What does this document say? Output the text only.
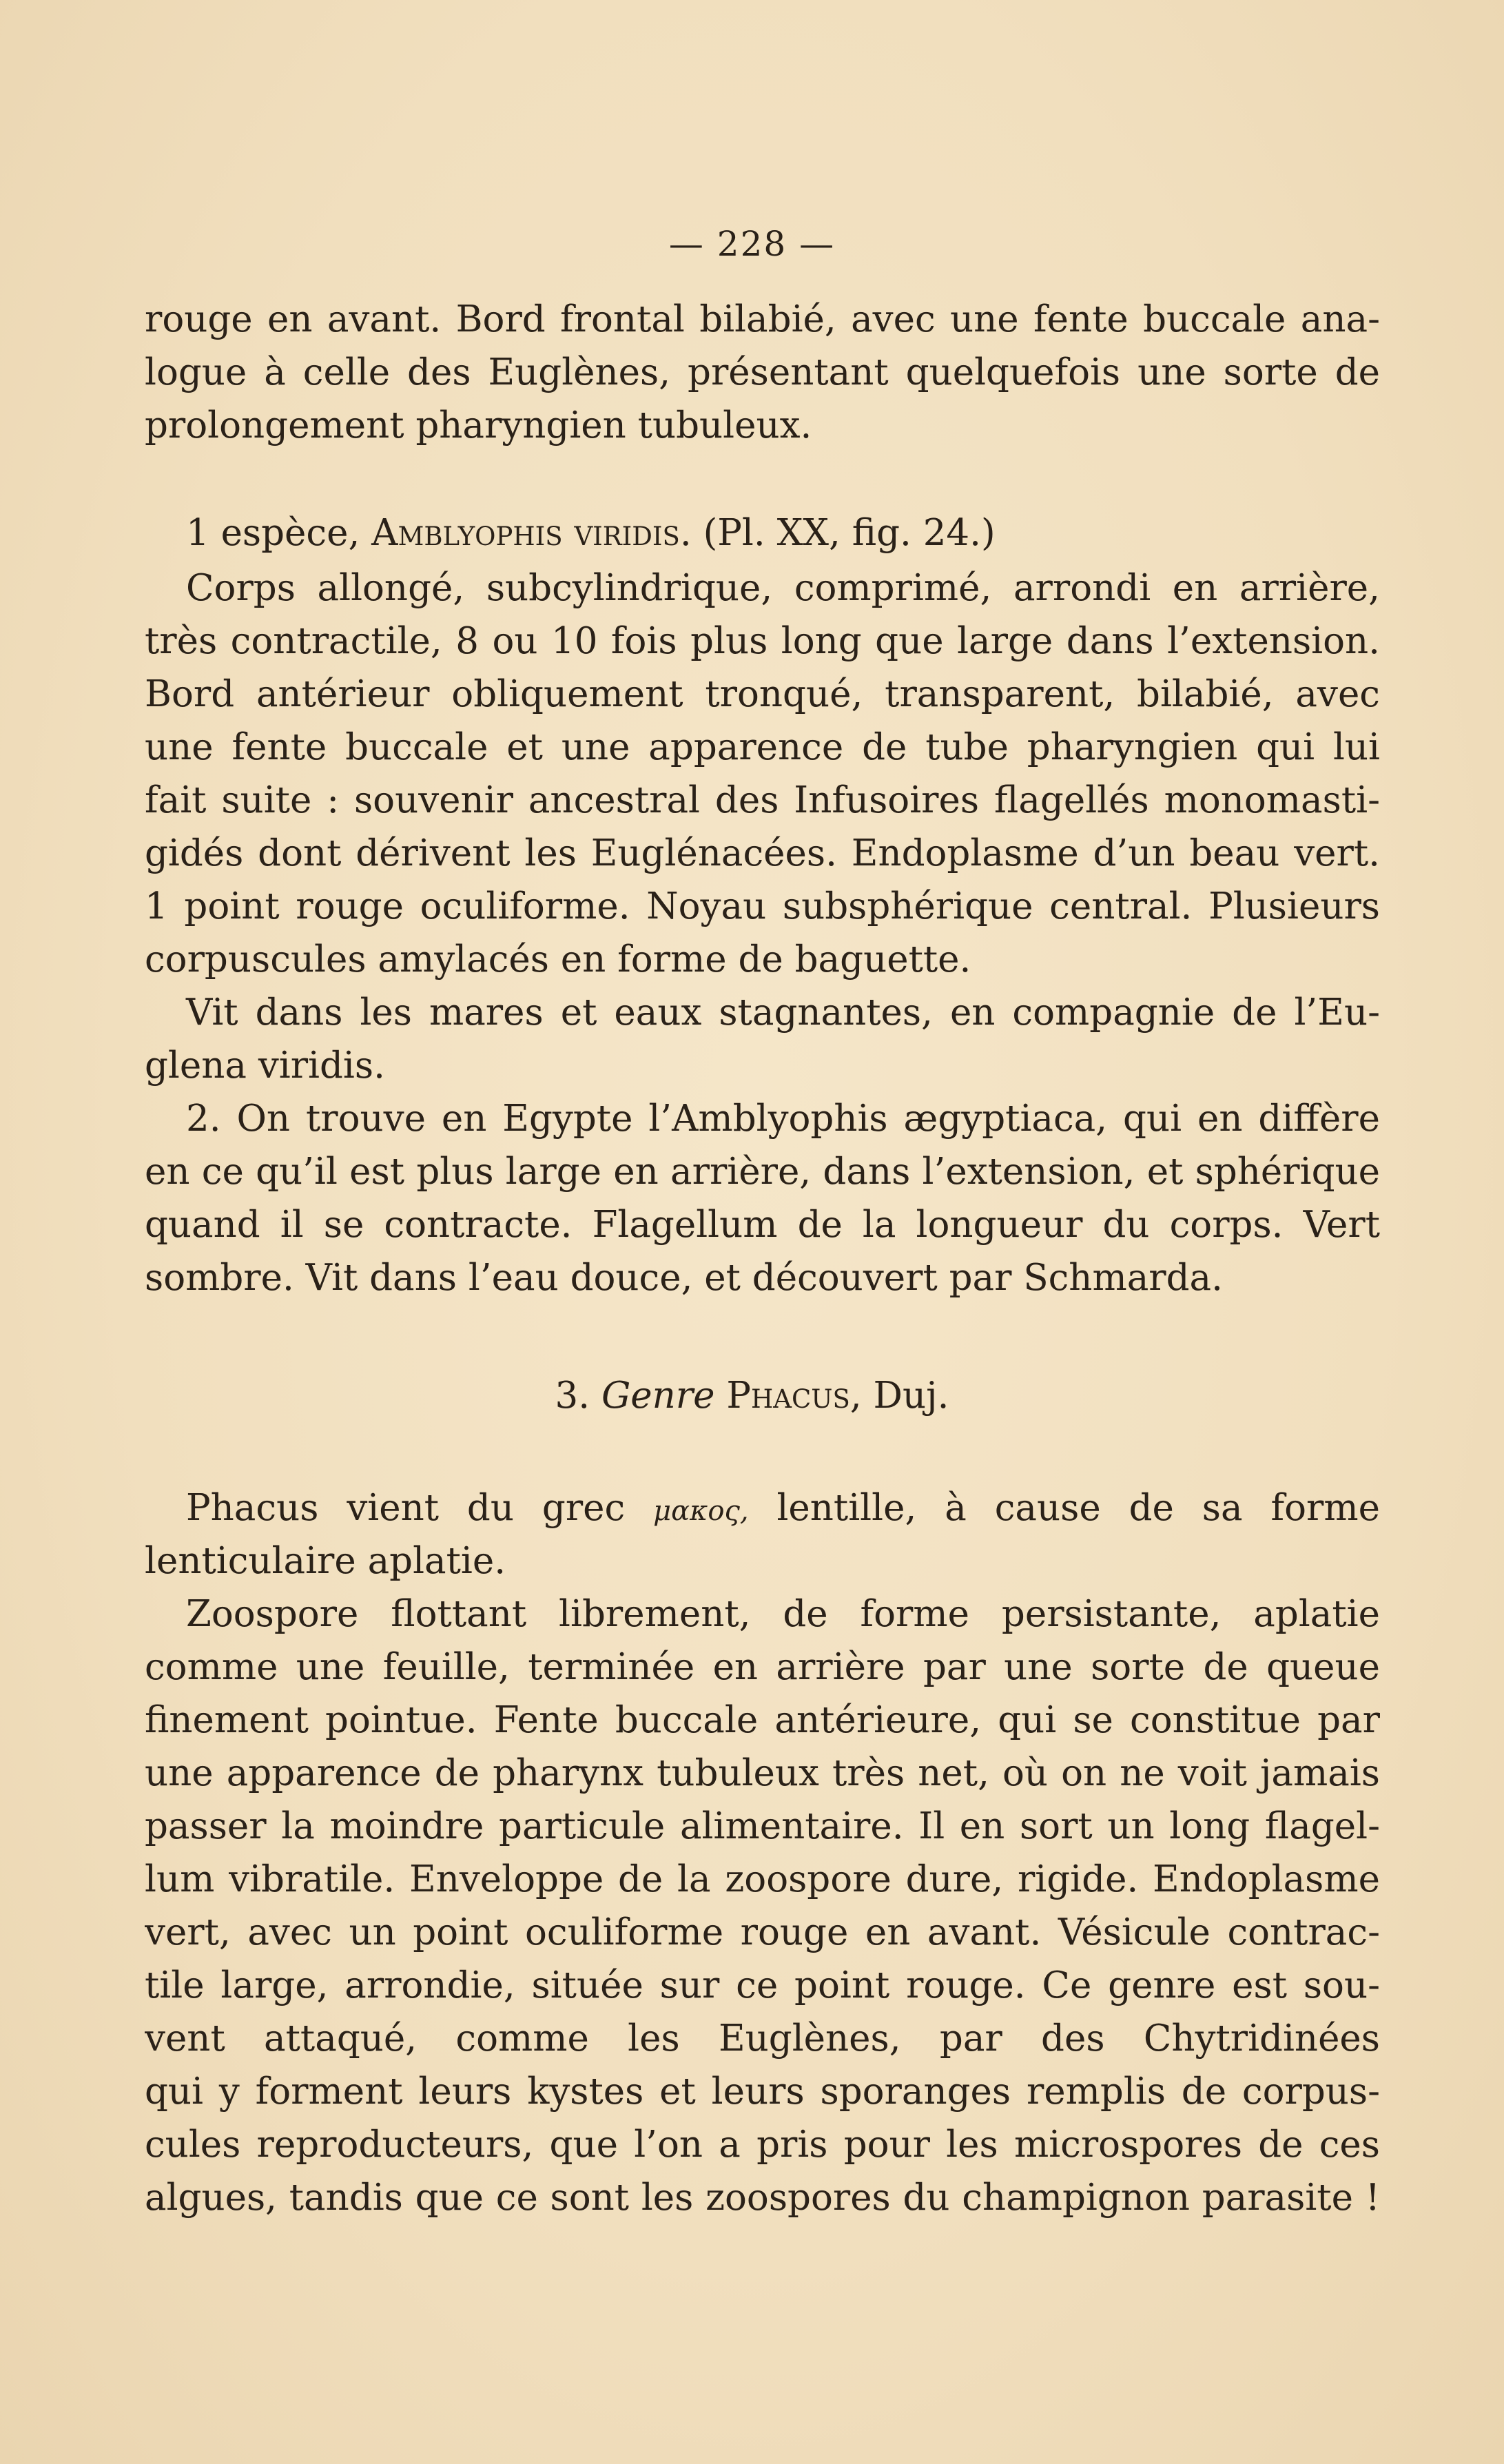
— 228 —
rouge en avant. Bord frontal bilabié, avec une fente buccale ana-
logue à celle des Euglènes, présentant quelquefois une sorte de
prolongement pharyngien tubuleux.
1 espèce, Amblyophis viridis. (Pl. XX, fig. 24.)
Corps allongé, subcylindrique, comprimé, arrondi en arrière,
très contractile, 8 ou 10 fois plus long que large dans l’extension.
Bord antérieur obliquement tronqué, transparent, bilabié, avec
une fente buccale et une apparence de tube pharyngien qui lui
fait suite : souvenir ancestral des Infusoires flagellés monomasti-
gidés dont dérivent les Euglénacées. Endoplasme d’un beau vert.
1 point rouge oculiforme. Noyau subsphérique central. Plusieurs
corpuscules amylacés en forme de baguette.
Vit dans les mares et eaux stagnantes, en compagnie de l’Eu-
glena viridis.
2. On trouve en Egypte l’Amblyophis ægyptiaca, qui en diffère
en ce qu’il est plus large en arrière, dans l’extension, et sphérique
quand il se contracte. Flagellum de la longueur du corps. Vert
sombre. Vit dans l’eau douce, et découvert par Schmarda.
3. Genre Phacus, Duj.
Phacus vient du grec μακος, lentille, à cause de sa forme
lenticulaire aplatie.
Zoospore flottant librement, de forme persistante, aplatie
comme une feuille, terminée en arrière par une sorte de queue
finement pointue. Fente buccale antérieure, qui se constitue par
une apparence de pharynx tubuleux très net, où on ne voit jamais
passer la moindre particule alimentaire. Il en sort un long flagel-
lum vibratile. Enveloppe de la zoospore dure, rigide. Endoplasme
vert, avec un point oculiforme rouge en avant. Vésicule contrac-
tile large, arrondie, située sur ce point rouge. Ce genre est sou-
vent attaqué, comme les Euglènes, par des Chytridinées
qui y forment leurs kystes et leurs sporanges remplis de corpus-
cules reproducteurs, que l’on a pris pour les microspores de ces
algues, tandis que ce sont les zoospores du champignon parasite !
